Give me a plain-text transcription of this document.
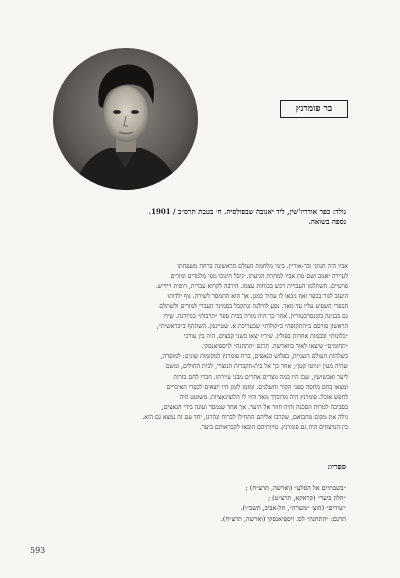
בר פומרנץ

נולד: כפר אודריז'שין, ליד יאנובה שבפולסיה. ח׳ בטבת תרס״ב / 1901.

נספה בשואה.

אביו היה חנווני ובר-אוריין. בימי מלחמת העולם הראשונה ברחה משפחתו

לעיירה יאנוב ושם מת אביו למחרת הגיעתו. קיבל חינוכו מפי מלמדים ומורים

פרטיים. השתלמו העברית רכש בכוחות עצמו. הירבה לקרוא עברית, רוסית ויידיש.

היעזב לגור בכפר ואף ניבאו לו עתיד כמגן. אך הוא התמסר לשירה. גוף ילדותו

הכפרי השפיע עליו עד מאד. נסע לווילנה ונתקבל בסמינר העברי למורים ולשתלם

גם בבנינה בקונסרבטוריון. אחר כך היה מורה בבית ספר ״תרבות״ בגרודנה. שירו

הראשון פורסם ב״התקופה״ ב״קולות״ שבעריכת א. שטיינמן. השתתף ב״בראשית״,

״כלונות״ ובבמות אחרות בפולין. שיריו יצאו בשני קבצים. היה בין עורכי

״תחומים״ שיצאו לאור בווארשה. תרגם ״התחנה״ לויספיאנסקי.

בשלהות העולם השנייה, בפלוש הנאצים, ברח פומרנץ למקומות שונים: למוסרה,

שהיה מעין ״ניוטו קטן״, אחר כך אל בית-הקברות הנוצרי, לבית החולים, ומשם

ליער ואבשישין, שבו היו כמה נוצרים אחרים מבני עיירתו. חברו לחם בזרות

ומצאו בחם מחסה ספני הקור והשלגים. ומזמן לזמן היו יוצאים לכפרי האיכרים

לחפש אוכל. פומרנץ היה מדוכדך מאד והיו לו הלוצינאציות. משוטט היה

בסביבה למרות הסכנה והיה חוזר אל היער. אך אחד שנמסר ועונה בידי הנאצים,

גילה את מקום מחבואם, שקרבו אליהם התחילו לברוח ונהרגו, יחד עם זה נמצא גם הוא.

בין הנרצחים היה גם פומרנץ. גוויותיהם הובאו לקבראותם ביער.

ספריו:
״בשבתיים אל הסלע״ (וארשה, תרצ״ח) ;
״חלון ביער״ (קראקא, תרצ״ט) ;
״שירים״ (הוצ׳ ״משרה״, תל-אביב, תשכ״ו).
תרגם: ״התחנה״ לס. ויספיאנסקי (וארשה, תרצ״ח).
593
